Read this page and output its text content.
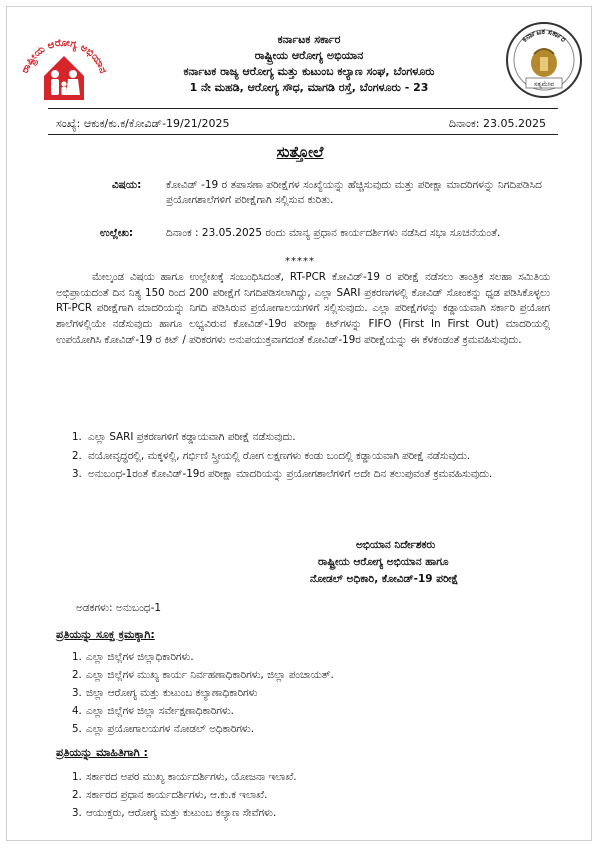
ರಾಷ್ಟ್ರೀಯ ಆರೋಗ್ಯ ಅಭಿಯಾನ
ಕರ್ನಾಟಕ ಸರ್ಕಾರ
ರಾಷ್ಟ್ರೀಯ ಆರೋಗ್ಯ ಅಭಿಯಾನ
ಕರ್ನಾಟಕ ರಾಜ್ಯ ಆರೋಗ್ಯ ಮತ್ತು ಕುಟುಂಬ ಕಲ್ಯಾಣ ಸಂಘ, ಬೆಂಗಳೂರು
1 ನೇ ಮಹಡಿ, ಆರೋಗ್ಯ ಸೌಧ, ಮಾಗಡಿ ರಸ್ತೆ, ಬೆಂಗಳೂರು - 23
ಕರ್ನಾಟಕ ಸರ್ಕಾರ
ಸತ್ಯಮೇವ
ಸಂಖ್ಯೆ: ಆಕುಕ/ಕು.ಕ/ಕೋವಿಡ್-19/21/2025	ದಿನಾಂಕ: 23.05.2025
ಸುತ್ತೋಲೆ
ವಿಷಯ:	ಕೋವಿಡ್ -19 ರ ತಪಾಸಣಾ ಪರೀಕ್ಷೆಗಳ ಸಂಖ್ಯೆಯನ್ನು ಹೆಚ್ಚಿಸುವುದು ಮತ್ತು ಪರೀಕ್ಷಾ ಮಾದರಿಗಳನ್ನು ನಿಗದಿಪಡಿಸಿದ ಪ್ರಯೋಗಶಾಲೆಗಳಿಗೆ ಪರೀಕ್ಷೆಗಾಗಿ ಸಲ್ಲಿಸುವ ಕುರಿತು.
ಉಲ್ಲೇಖ:	ದಿನಾಂಕ : 23.05.2025 ರಂದು ಮಾನ್ಯ ಪ್ರಧಾನ ಕಾರ್ಯದರ್ಶಿಗಳು ನಡೆಸಿದ ಸಭಾ ಸೂಚನೆಯಂತೆ.
*****
ಮೇಲ್ಕಂಡ ವಿಷಯ ಹಾಗೂ ಉಲ್ಲೇಖಕ್ಕೆ ಸಂಬಂಧಿಸಿದಂತೆ, RT-PCR ಕೋವಿಡ್-19 ರ ಪರೀಕ್ಷೆ ನಡೆಸಲು ತಾಂತ್ರಿಕ ಸಲಹಾ ಸಮಿತಿಯ ಅಭಿಪ್ರಾಯದಂತೆ ದಿನ ನಿತ್ಯ 150 ರಿಂದ 200 ಪರೀಕ್ಷೆಗೆ ನಿಗದಿಪಡಿಸಲಾಗಿದ್ದು, ಎಲ್ಲಾ SARI ಪ್ರಕರಣಗಳಲ್ಲಿ ಕೋವಿಡ್ ಸೋಂಕನ್ನು ಧೃಡ ಪಡಿಸಿಕೊಳ್ಳಲು RT-PCR ಪರೀಕ್ಷೆಗಾಗಿ ಮಾದರಿಯನ್ನು ನಿಗದಿ ಪಡಿಸಿರುವ ಪ್ರಯೋಗಾಲಯಗಳಿಗೆ ಸಲ್ಲಿಸುವುದು. ಎಲ್ಲಾ ಪರೀಕ್ಷೆಗಳನ್ನು ಕಡ್ಡಾಯವಾಗಿ ಸರ್ಕಾರಿ ಪ್ರಯೋಗ ಶಾಲೆಗಳಲ್ಲಿಯೇ ನಡೆಸುವುದು ಹಾಗೂ ಲಭ್ಯವಿರುವ ಕೋವಿಡ್-19ರ ಪರೀಕ್ಷಾ ಕಿಟ್‌ಗಳನ್ನು FIFO (First In First Out) ಮಾದರಿಯಲ್ಲಿ ಉಪಯೋಗಿಸಿ ಕೋವಿಡ್-19 ರ ಕಿಟ್ / ಪರಿಕರಗಳು ಅನುಪಯುಕ್ತವಾಗದಂತೆ ಕೋವಿಡ್-19ರ ಪರೀಕ್ಷೆಯನ್ನು ಈ ಕೆಳಕಂಡಂತೆ ಕ್ರಮವಹಿಸುವುದು.
1. ಎಲ್ಲಾ SARI ಪ್ರಕರಣಗಳಿಗೆ ಕಡ್ಡಾಯವಾಗಿ ಪರೀಕ್ಷೆ ನಡೆಸುವುದು.
2. ವಯೋವೃದ್ಧರಲ್ಲಿ, ಮಕ್ಕಳಲ್ಲಿ, ಗರ್ಭಿಣಿ ಸ್ತ್ರೀಯಲ್ಲಿ ರೋಗ ಲಕ್ಷಣಗಳು ಕಂಡು ಬಂದಲ್ಲಿ ಕಡ್ಡಾಯವಾಗಿ ಪರೀಕ್ಷೆ ನಡೆಸುವುದು.
3. ಅನುಬಂಧ-1ರಂತೆ ಕೋವಿಡ್-19ರ ಪರೀಕ್ಷಾ ಮಾದರಿಯನ್ನು ಪ್ರಯೋಗಶಾಲೆಗಳಿಗೆ ಅದೇ ದಿನ ತಲುಪುವಂತೆ ಕ್ರಮವಹಿಸುವುದು.
ಅಭಿಯಾನ ನಿರ್ದೇಶಕರು
ರಾಷ್ಟ್ರೀಯ ಆರೋಗ್ಯ ಅಭಿಯಾನ ಹಾಗೂ
ನೋಡಲ್ ಅಧಿಕಾರಿ, ಕೋವಿಡ್-19 ಪರೀಕ್ಷೆ
ಅಡಕಗಳು: ಅನುಬಂಧ-1
ಪ್ರತಿಯನ್ನು ಸೂಕ್ತ ಕ್ರಮಕ್ಕಾಗಿ:
1. ಎಲ್ಲಾ ಜಿಲ್ಲೆಗಳ ಜಿಲ್ಲಾಧಿಕಾರಿಗಳು.
2. ಎಲ್ಲಾ ಜಿಲ್ಲೆಗಳ ಮುಖ್ಯ ಕಾರ್ಯ ನಿರ್ವಹಣಾಧಿಕಾರಿಗಳು, ಜಿಲ್ಲಾ ಪಂಚಾಯತ್.
3. ಜಿಲ್ಲಾ ಆರೋಗ್ಯ ಮತ್ತು ಕುಟುಂಬ ಕಲ್ಯಾಣಾಧಿಕಾರಿಗಳು
4. ಎಲ್ಲಾ ಜಿಲ್ಲೆಗಳ ಜಿಲ್ಲಾ ಸರ್ವೇಕ್ಷಣಾಧಿಕಾರಿಗಳು.
5. ಎಲ್ಲಾ ಪ್ರಯೋಗಾಲಯಗಳ ನೋಡಲ್ ಅಧಿಕಾರಿಗಳು.
ಪ್ರತಿಯನ್ನು ಮಾಹಿತಿಗಾಗಿ :
1. ಸರ್ಕಾರದ ಅಪರ ಮುಖ್ಯ ಕಾರ್ಯದರ್ಶಿಗಳು, ಯೋಜನಾ ಇಲಾಖೆ.
2. ಸರ್ಕಾರದ ಪ್ರಧಾನ ಕಾರ್ಯದರ್ಶಿಗಳು, ಆ.ಕು.ಕ ಇಲಾಖೆ.
3. ಆಯುಕ್ತರು, ಆರೋಗ್ಯ ಮತ್ತು ಕುಟುಂಬ ಕಲ್ಯಾಣ ಸೇವೆಗಳು.
